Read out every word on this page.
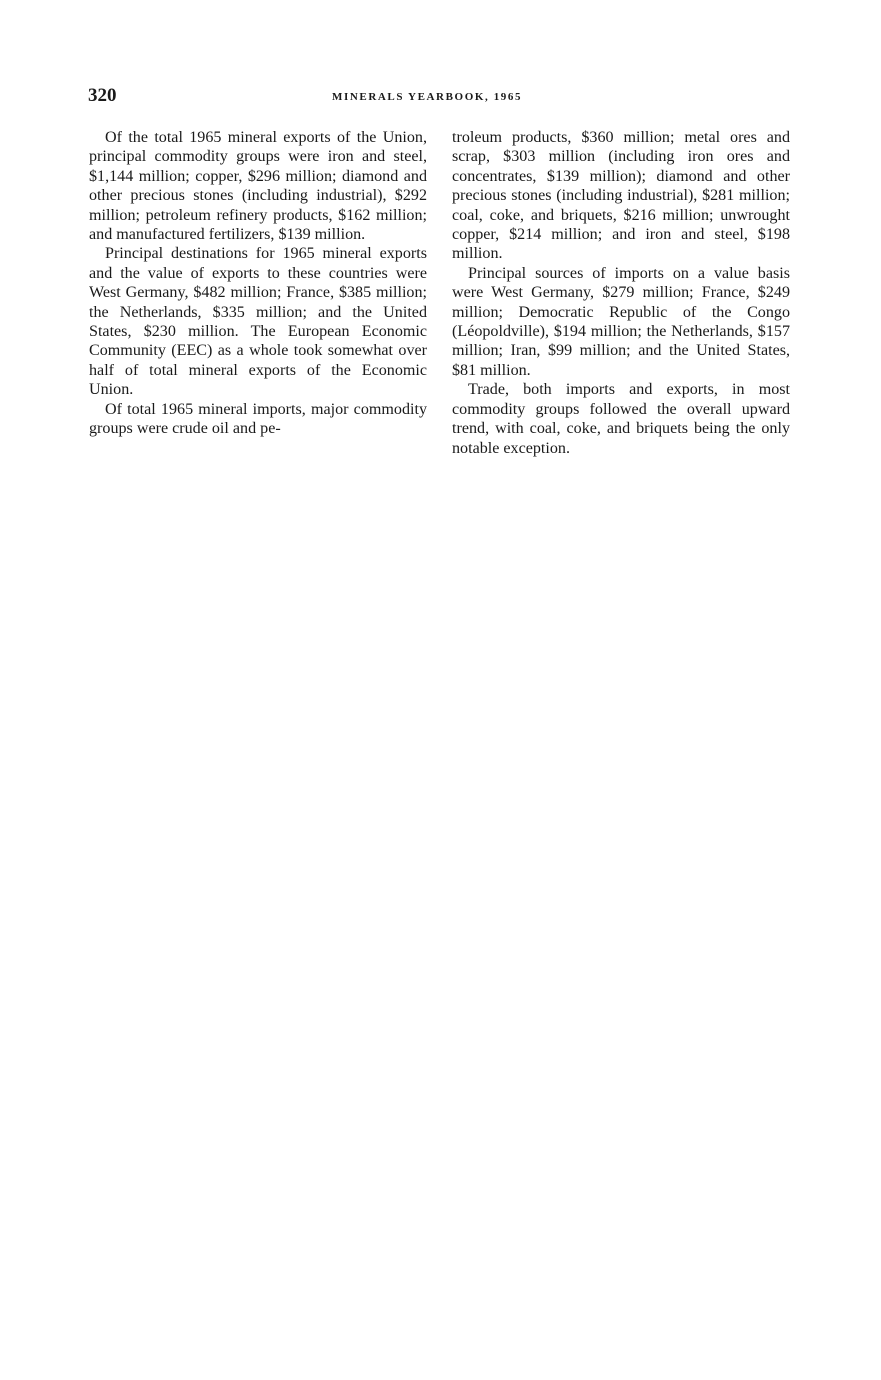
320	MINERALS YEARBOOK, 1965

Of the total 1965 mineral exports of the Union, principal commodity groups were iron and steel, $1,144 million; copper, $296 million; diamond and other precious stones (including industrial), $292 million; petroleum refinery products, $162 million; and manufactured fertilizers, $139 million.

Principal destinations for 1965 mineral exports and the value of exports to these countries were West Germany, $482 million; France, $385 million; the Netherlands, $335 million; and the United States, $230 million. The European Economic Community (EEC) as a whole took somewhat over half of total mineral exports of the Economic Union.

Of total 1965 mineral imports, major commodity groups were crude oil and pe-

troleum products, $360 million; metal ores and scrap, $303 million (including iron ores and concentrates, $139 million); diamond and other precious stones (including industrial), $281 million; coal, coke, and briquets, $216 million; unwrought copper, $214 million; and iron and steel, $198 million.

Principal sources of imports on a value basis were West Germany, $279 million; France, $249 million; Democratic Republic of the Congo (Léopoldville), $194 million; the Netherlands, $157 million; Iran, $99 million; and the United States, $81 million.

Trade, both imports and exports, in most commodity groups followed the overall upward trend, with coal, coke, and briquets being the only notable exception.
